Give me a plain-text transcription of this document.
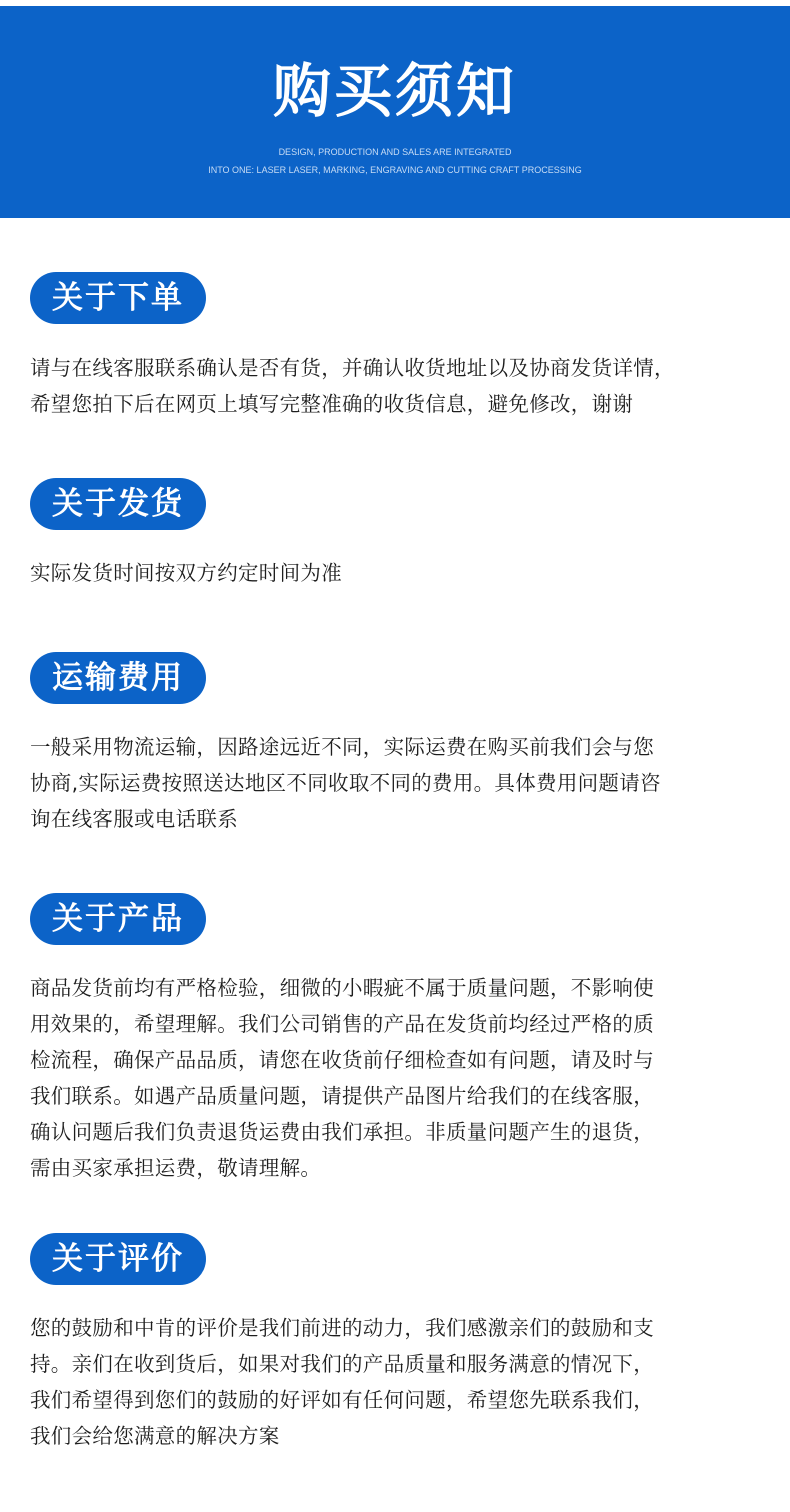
购买须知
DESIGN, PRODUCTION AND SALES ARE INTEGRATED
INTO ONE: LASER LASER, MARKING, ENGRAVING AND CUTTING CRAFT PROCESSING
关于下单
请与在线客服联系确认是否有货，并确认收货地址以及协商发货详情，
希望您拍下后在网页上填写完整准确的收货信息，避免修改，谢谢
关于发货
实际发货时间按双方约定时间为准
运输费用
一般采用物流运输，因路途远近不同，实际运费在购买前我们会与您
协商,实际运费按照送达地区不同收取不同的费用。具体费用问题请咨
询在线客服或电话联系
关于产品
商品发货前均有严格检验，细微的小暇疵不属于质量问题，不影响使
用效果的，希望理解。我们公司销售的产品在发货前均经过严格的质
检流程，确保产品品质，请您在收货前仔细检查如有问题，请及时与
我们联系。如遇产品质量问题，请提供产品图片给我们的在线客服，
确认问题后我们负责退货运费由我们承担。非质量问题产生的退货，
需由买家承担运费，敬请理解。
关于评价
您的鼓励和中肯的评价是我们前进的动力，我们感激亲们的鼓励和支
持。亲们在收到货后，如果对我们的产品质量和服务满意的情况下，
我们希望得到您们的鼓励的好评如有任何问题，希望您先联系我们，
我们会给您满意的解决方案
